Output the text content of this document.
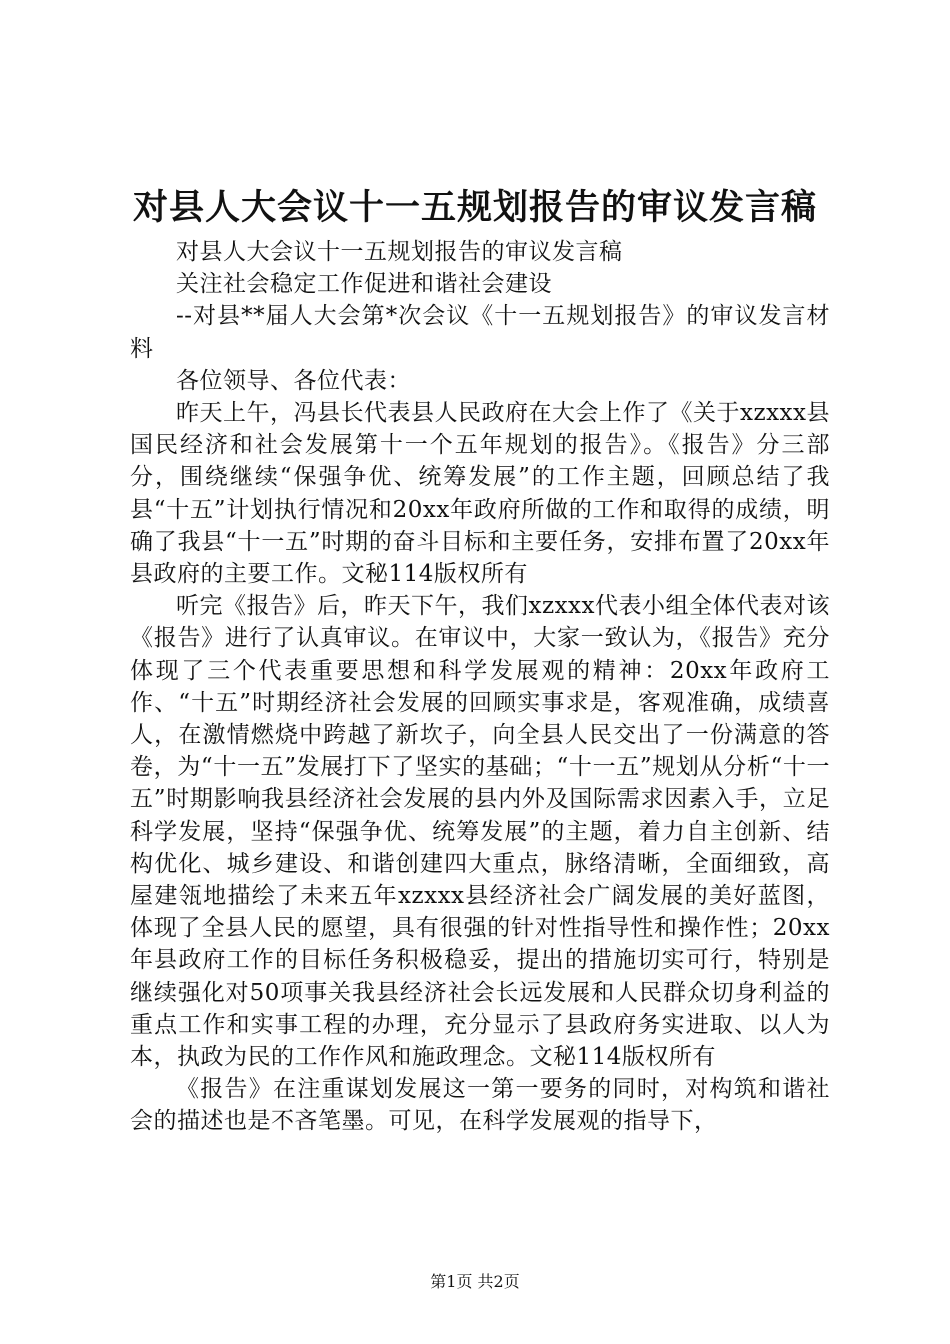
对县人大会议十一五规划报告的审议发言稿

对县人大会议十一五规划报告的审议发言稿

关注社会稳定工作促进和谐社会建设

--对县**届人大会第*次会议《十一五规划报告》的审议发言材料

各位领导、各位代表：

昨天上午，冯县长代表县人民政府在大会上作了《关于xzxxx县国民经济和社会发展第十一个五年规划的报告》。《报告》分三部分，围绕继续“保强争优、统筹发展”的工作主题，回顾总结了我县“十五”计划执行情况和20xx年政府所做的工作和取得的成绩，明确了我县“十一五”时期的奋斗目标和主要任务，安排布置了20xx年县政府的主要工作。文秘114版权所有

听完《报告》后，昨天下午，我们xzxxx代表小组全体代表对该《报告》进行了认真审议。在审议中，大家一致认为，《报告》充分体现了三个代表重要思想和科学发展观的精神：20xx年政府工作、“十五”时期经济社会发展的回顾实事求是，客观准确，成绩喜人，在激情燃烧中跨越了新坎子，向全县人民交出了一份满意的答卷，为“十一五”发展打下了坚实的基础；“十一五”规划从分析“十一五”时期影响我县经济社会发展的县内外及国际需求因素入手，立足科学发展，坚持“保强争优、统筹发展”的主题，着力自主创新、结构优化、城乡建设、和谐创建四大重点，脉络清晰，全面细致，高屋建瓴地描绘了未来五年xzxxx县经济社会广阔发展的美好蓝图，体现了全县人民的愿望，具有很强的针对性指导性和操作性；20xx年县政府工作的目标任务积极稳妥，提出的措施切实可行，特别是继续强化对50项事关我县经济社会长远发展和人民群众切身利益的重点工作和实事工程的办理，充分显示了县政府务实进取、以人为本，执政为民的工作作风和施政理念。文秘114版权所有

《报告》在注重谋划发展这一第一要务的同时，对构筑和谐社会的描述也是不吝笔墨。可见，在科学发展观的指导下，

第1页 共2页
